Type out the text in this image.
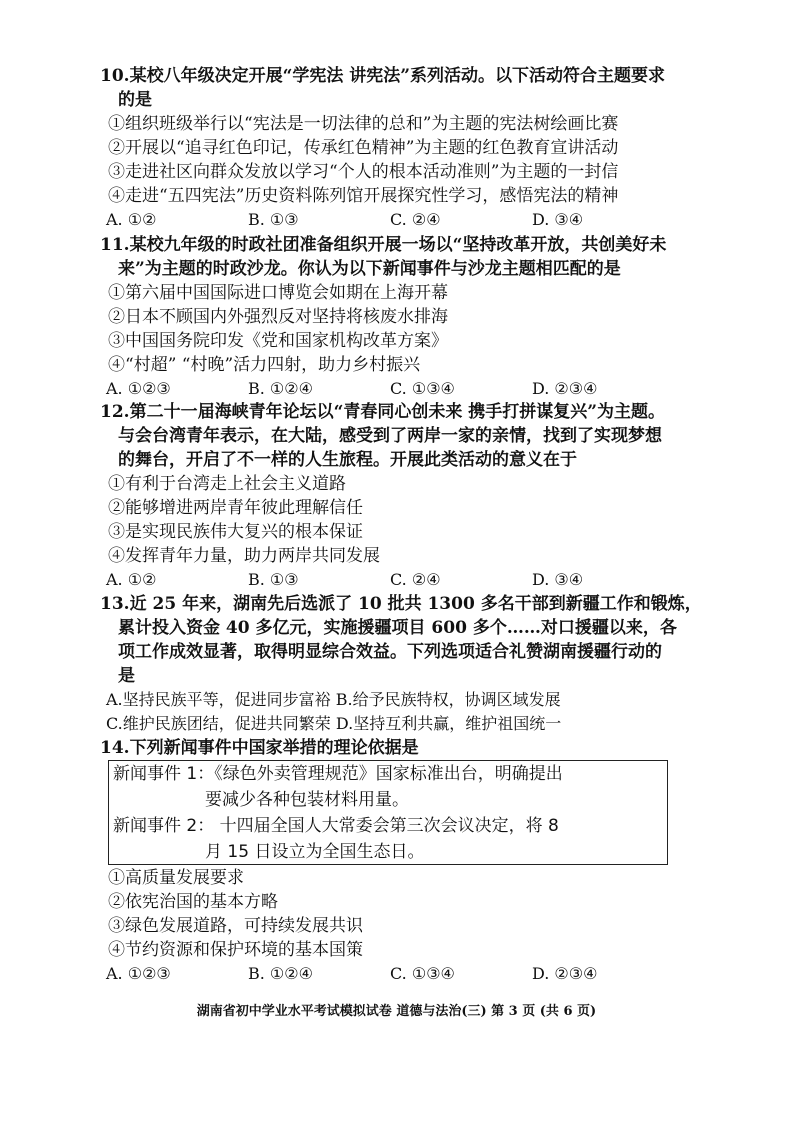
10.某校八年级决定开展“学宪法 讲宪法”系列活动。以下活动符合主题要求
的是
①组织班级举行以“宪法是一切法律的总和”为主题的宪法树绘画比赛
②开展以“追寻红色印记，传承红色精神”为主题的红色教育宣讲活动
③走进社区向群众发放以学习“个人的根本活动准则”为主题的一封信
④走进“五四宪法”历史资料陈列馆开展探究性学习，感悟宪法的精神
A. ①②	B. ①③	C. ②④	D. ③④
11.某校九年级的时政社团准备组织开展一场以“坚持改革开放，共创美好未
来”为主题的时政沙龙。你认为以下新闻事件与沙龙主题相匹配的是
①第六届中国国际进口博览会如期在上海开幕
②日本不顾国内外强烈反对坚持将核废水排海
③中国国务院印发《党和国家机构改革方案》
④“村超” “村晚”活力四射，助力乡村振兴
A. ①②③	B. ①②④	C. ①③④	D. ②③④
12.第二十一届海峡青年论坛以“青春同心创未来 携手打拼谋复兴”为主题。
与会台湾青年表示，在大陆，感受到了两岸一家的亲情，找到了实现梦想
的舞台，开启了不一样的人生旅程。开展此类活动的意义在于
①有利于台湾走上社会主义道路
②能够增进两岸青年彼此理解信任
③是实现民族伟大复兴的根本保证
④发挥青年力量，助力两岸共同发展
A. ①②	B. ①③	C. ②④	D. ③④
13.近 25 年来，湖南先后选派了 10 批共 1300 多名干部到新疆工作和锻炼，
累计投入资金 40 多亿元，实施援疆项目 600 多个……对口援疆以来，各
项工作成效显著，取得明显综合效益。下列选项适合礼赞湖南援疆行动的
是
A.坚持民族平等，促进同步富裕 B.给予民族特权，协调区域发展
C.维护民族团结，促进共同繁荣 D.坚持互利共赢，维护祖国统一
14.下列新闻事件中国家举措的理论依据是
新闻事件 1：《绿色外卖管理规范》国家标准出台，明确提出
要减少各种包装材料用量。
新闻事件 2： 十四届全国人大常委会第三次会议决定，将 8
月 15 日设立为全国生态日。
①高质量发展要求
②依宪治国的基本方略
③绿色发展道路，可持续发展共识
④节约资源和保护环境的基本国策
A. ①②③	B. ①②④	C. ①③④	D. ②③④
湖南省初中学业水平考试模拟试卷 道德与法治(三) 第 3 页 (共 6 页)
